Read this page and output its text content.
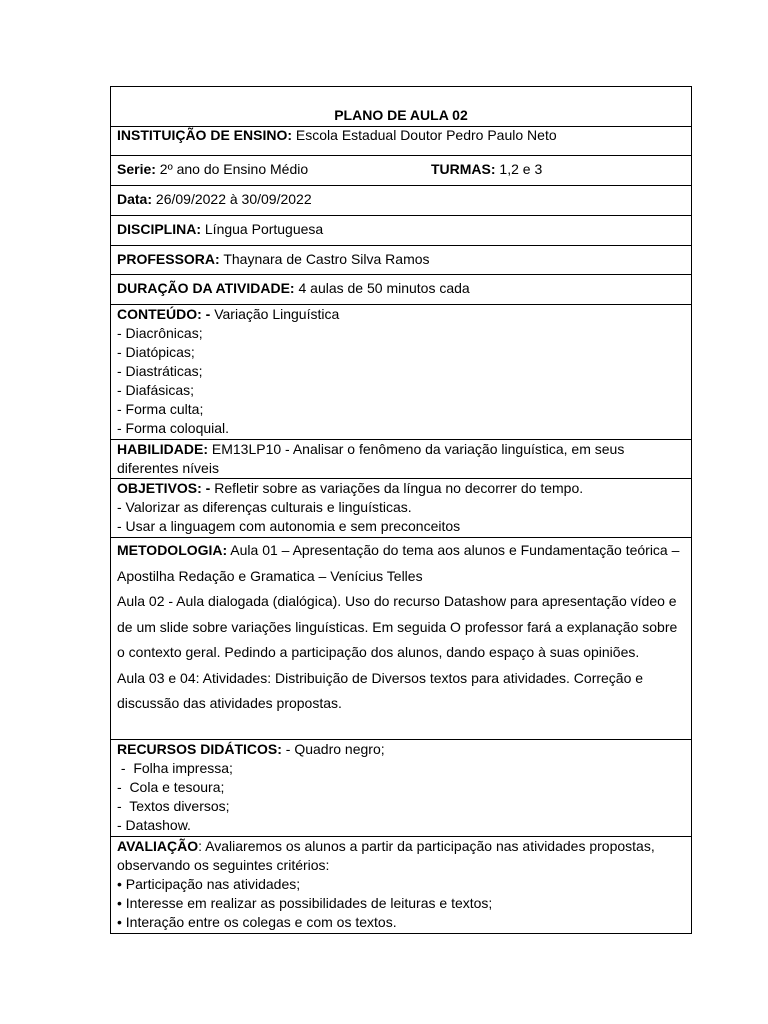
PLANO DE AULA 02

INSTITUIÇÃO DE ENSINO: Escola Estadual Doutor Pedro Paulo Neto

Serie: 2º ano do Ensino Médio	TURMAS: 1,2 e 3

Data: 26/09/2022 à 30/09/2022

DISCIPLINA: Língua Portuguesa

PROFESSORA: Thaynara de Castro Silva Ramos

DURAÇÃO DA ATIVIDADE: 4 aulas de 50 minutos cada

CONTEÚDO: - Variação Linguística
- Diacrônicas;
- Diatópicas;
- Diastráticas;
- Diafásicas;
- Forma culta;
- Forma coloquial.

HABILIDADE: EM13LP10 - Analisar o fenômeno da variação linguística, em seus diferentes níveis

OBJETIVOS: - Refletir sobre as variações da língua no decorrer do tempo.
- Valorizar as diferenças culturais e linguísticas.
- Usar a linguagem com autonomia e sem preconceitos

METODOLOGIA: Aula 01 – Apresentação do tema aos alunos e Fundamentação teórica – Apostilha Redação e Gramatica – Venícius Telles
Aula 02 - Aula dialogada (dialógica). Uso do recurso Datashow para apresentação vídeo e de um slide sobre variações linguísticas. Em seguida O professor fará a explanação sobre o contexto geral. Pedindo a participação dos alunos, dando espaço à suas opiniões.
Aula 03 e 04: Atividades: Distribuição de Diversos textos para atividades. Correção e discussão das atividades propostas.

RECURSOS DIDÁTICOS: - Quadro negro;
-  Folha impressa;
-  Cola e tesoura;
-  Textos diversos;
- Datashow.

AVALIAÇÃO: Avaliaremos os alunos a partir da participação nas atividades propostas, observando os seguintes critérios:
• Participação nas atividades;
• Interesse em realizar as possibilidades de leituras e textos;
• Interação entre os colegas e com os textos.
